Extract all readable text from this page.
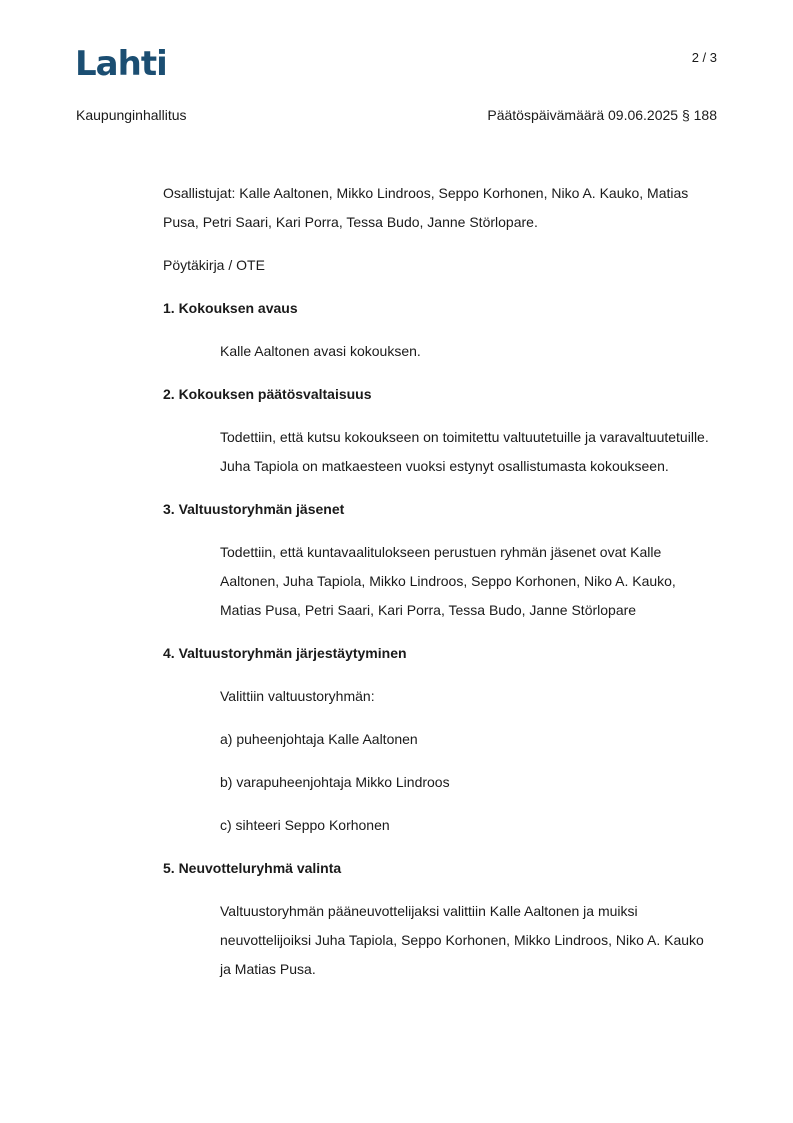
Lahti	2 / 3
Kaupunginhallitus	Päätöspäivämäärä 09.06.2025 § 188

Osallistujat: Kalle Aaltonen, Mikko Lindroos, Seppo Korhonen, Niko A. Kauko, Matias Pusa, Petri Saari, Kari Porra, Tessa Budo, Janne Störlopare.

Pöytäkirja / OTE

1. Kokouksen avaus

Kalle Aaltonen avasi kokouksen.

2. Kokouksen päätösvaltaisuus

Todettiin, että kutsu kokoukseen on toimitettu valtuutetuille ja varavaltuutetuille. Juha Tapiola on matkaesteen vuoksi estynyt osallistumasta kokoukseen.

3. Valtuustoryhmän jäsenet

Todettiin, että kuntavaalitulokseen perustuen ryhmän jäsenet ovat Kalle Aaltonen, Juha Tapiola, Mikko Lindroos, Seppo Korhonen, Niko A. Kauko, Matias Pusa, Petri Saari, Kari Porra, Tessa Budo, Janne Störlopare

4. Valtuustoryhmän järjestäytyminen

Valittiin valtuustoryhmän:

a) puheenjohtaja Kalle Aaltonen

b) varapuheenjohtaja Mikko Lindroos

c) sihteeri Seppo Korhonen

5. Neuvotteluryhmä valinta

Valtuustoryhmän pääneuvottelijaksi valittiin Kalle Aaltonen ja muiksi neuvottelijoiksi Juha Tapiola, Seppo Korhonen, Mikko Lindroos, Niko A. Kauko ja Matias Pusa.
